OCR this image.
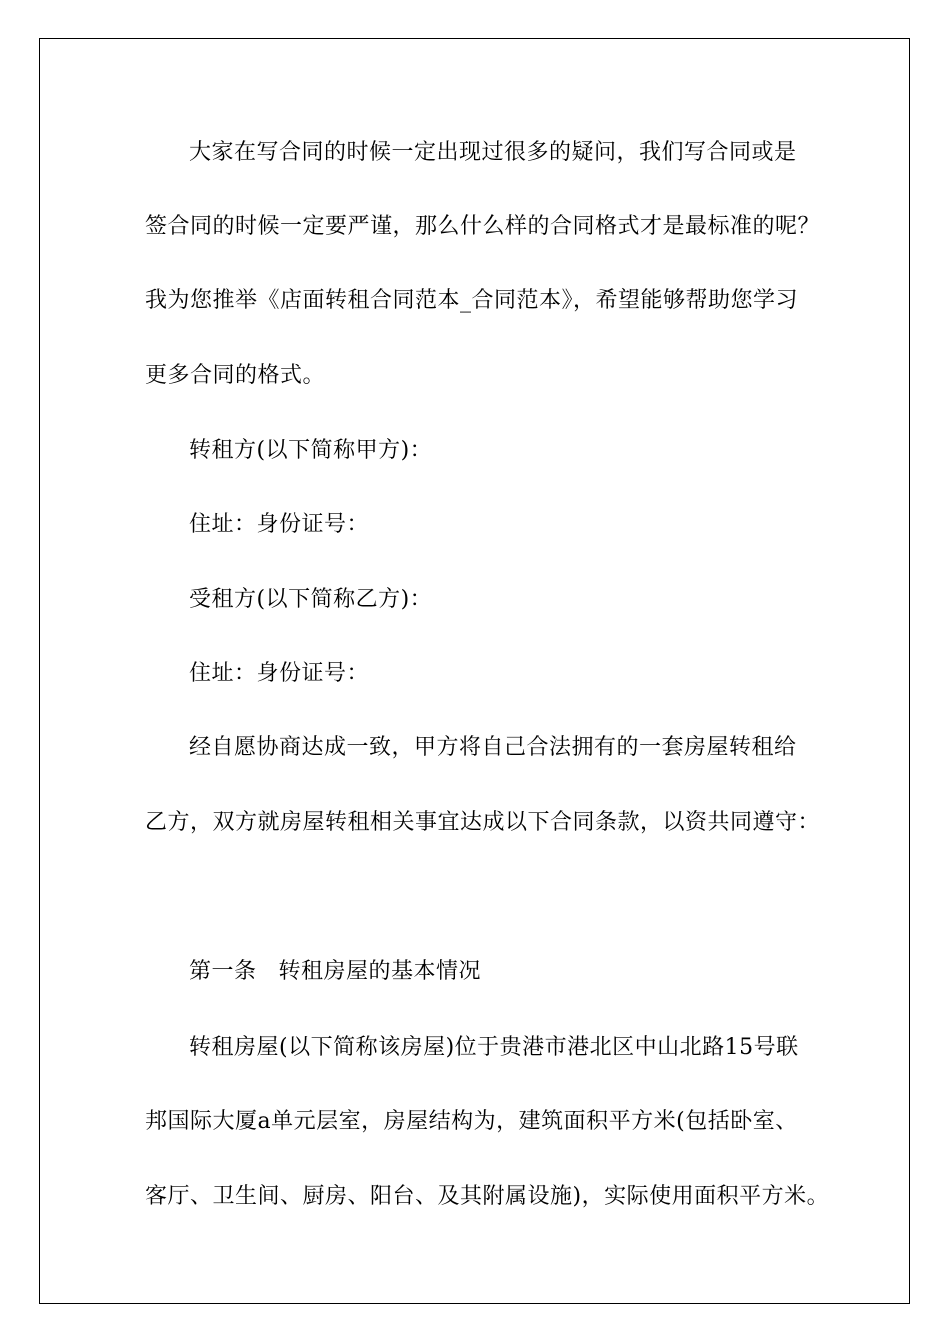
大家在写合同的时候一定出现过很多的疑问，我们写合同或是
签合同的时候一定要严谨，那么什么样的合同格式才是最标准的呢？
我为您推举《店面转租合同范本_合同范本》，希望能够帮助您学习
更多合同的格式。
转租方(以下简称甲方)：
住址：身份证号：
受租方(以下简称乙方)：
住址：身份证号：
经自愿协商达成一致，甲方将自己合法拥有的一套房屋转租给
乙方，双方就房屋转租相关事宜达成以下合同条款，以资共同遵守：
第一条 转租房屋的基本情况
转租房屋(以下简称该房屋)位于贵港市港北区中山北路15号联
邦国际大厦a单元层室，房屋结构为，建筑面积平方米(包括卧室、
客厅、卫生间、厨房、阳台、及其附属设施)，实际使用面积平方米。
